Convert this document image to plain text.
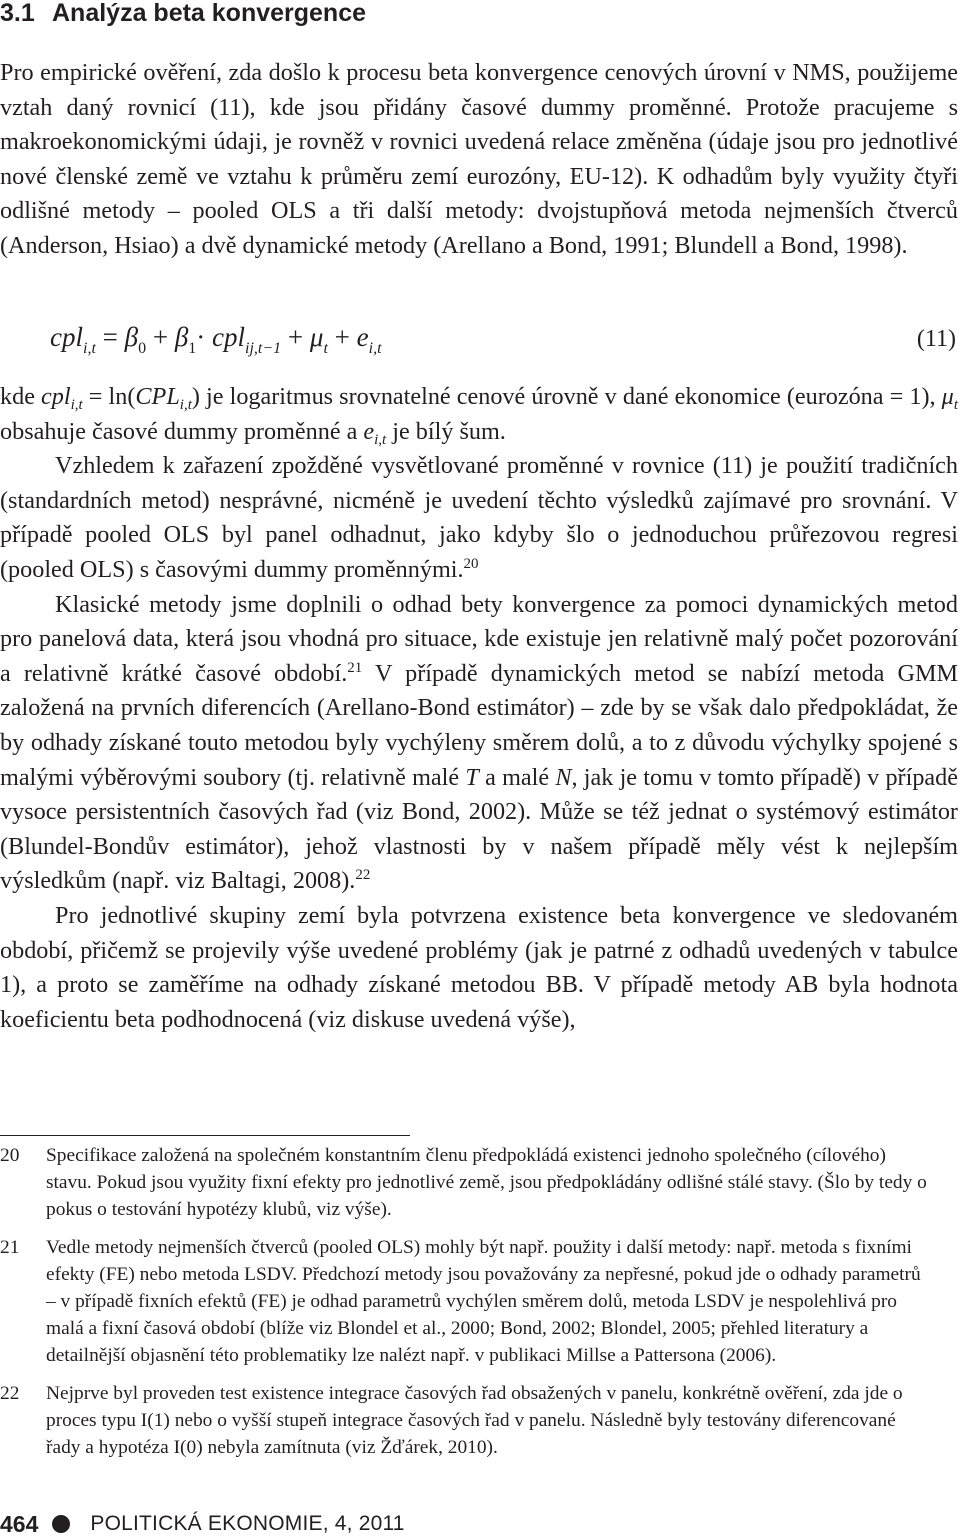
3.1 Analýza beta konvergence

Pro empirické ověření, zda došlo k procesu beta konvergence cenových úrovní v NMS, použijeme vztah daný rovnicí (11), kde jsou přidány časové dummy proměnné. Protože pracujeme s makroekonomickými údaji, je rovněž v rovnici uvedená relace změněna (údaje jsou pro jednotlivé nové členské země ve vztahu k průměru zemí eurozóny, EU-12). K odhadům byly využity čtyři odlišné metody – pooled OLS a tři další metody: dvojstupňová metoda nejmenších čtverců (Anderson, Hsiao) a dvě dynamické metody (Arellano a Bond, 1991; Blundell a Bond, 1998).

$cpl_{i,t} = \beta_0 + \beta_1\cdot cpl_{ij,t-1} + \mu_t + e_{i,t}$	(11)

kde $cpl_{i,t} = \ln(CPL_{i,t})$ je logaritmus srovnatelné cenové úrovně v dané ekonomice (eurozóna = 1), $\mu_t$ obsahuje časové dummy proměnné a $e_{i,t}$ je bílý šum.

Vzhledem k zařazení zpožděné vysvětlované proměnné v rovnice (11) je použití tradičních (standardních metod) nesprávné, nicméně je uvedení těchto výsledků zajímavé pro srovnání. V případě pooled OLS byl panel odhadnut, jako kdyby šlo o jednoduchou průřezovou regresi (pooled OLS) s časovými dummy proměnnými.$^{20}$

Klasické metody jsme doplnili o odhad bety konvergence za pomoci dynamických metod pro panelová data, která jsou vhodná pro situace, kde existuje jen relativně malý počet pozorování a relativně krátké časové období.$^{21}$ V případě dynamických metod se nabízí metoda GMM založená na prvních diferencích (Arellano-Bond estimátor) – zde by se však dalo předpokládat, že by odhady získané touto metodou byly vychýleny směrem dolů, a to z důvodu výchylky spojené s malými výběrovými soubory (tj. relativně malé T a malé N, jak je tomu v tomto případě) v případě vysoce persistentních časových řad (viz Bond, 2002). Může se též jednat o systémový estimátor (Blundel-Bondův estimátor), jehož vlastnosti by v našem případě měly vést k nejlepším výsledkům (např. viz Baltagi, 2008).$^{22}$

Pro jednotlivé skupiny zemí byla potvrzena existence beta konvergence ve sledovaném období, přičemž se projevily výše uvedené problémy (jak je patrné z odhadů uvedených v tabulce 1), a proto se zaměříme na odhady získané metodou BB. V případě metody AB byla hodnota koeficientu beta podhodnocená (viz diskuse uvedená výše),

20	Specifikace založená na společném konstantním členu předpokládá existenci jednoho společného (cílového) stavu. Pokud jsou využity fixní efekty pro jednotlivé země, jsou předpokládány odlišné stálé stavy. (Šlo by tedy o pokus o testování hypotézy klubů, viz výše).
21	Vedle metody nejmenších čtverců (pooled OLS) mohly být např. použity i další metody: např. metoda s fixními efekty (FE) nebo metoda LSDV. Předchozí metody jsou považovány za nepřesné, pokud jde o odhady parametrů – v případě fixních efektů (FE) je odhad parametrů vychýlen směrem dolů, metoda LSDV je nespolehlivá pro malá a fixní časová období (blíže viz Blondel et al., 2000; Bond, 2002; Blondel, 2005; přehled literatury a detailnější objasnění této problematiky lze nalézt např. v publikaci Millse a Pattersona (2006).
22	Nejprve byl proveden test existence integrace časových řad obsažených v panelu, konkrétně ověření, zda jde o proces typu I(1) nebo o vyšší stupeň integrace časových řad v panelu. Následně byly testovány diferencované řady a hypotéza I(0) nebyla zamítnuta (viz Žďárek, 2010).
464 POLITICKÁ EKONOMIE, 4, 2011
